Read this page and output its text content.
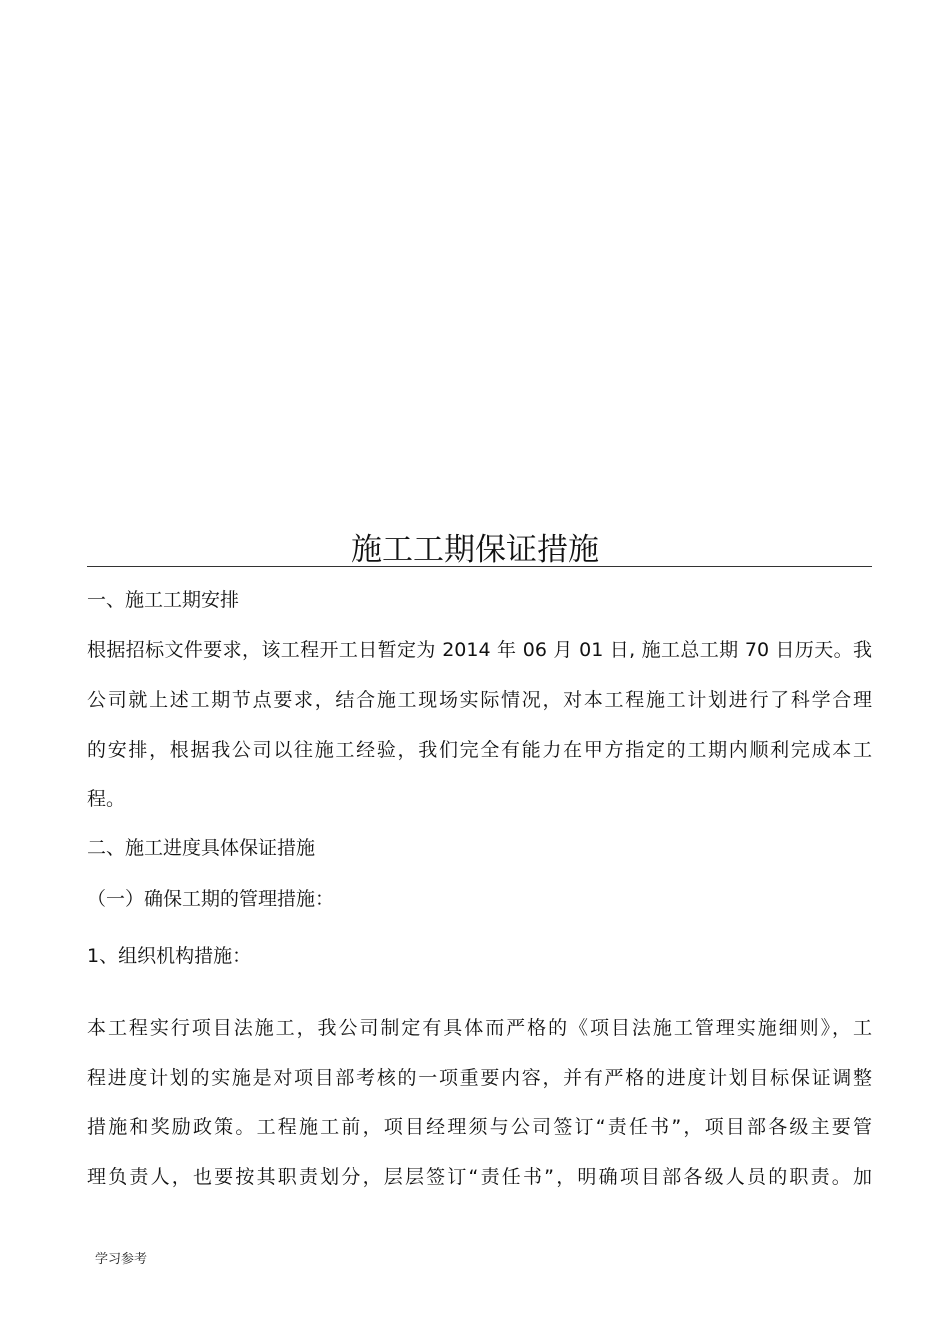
施工工期保证措施

一、施工工期安排

根据招标文件要求，该工程开工日暂定为 2014 年 06 月 01 日, 施工总工期 70 日历天。我

公司就上述工期节点要求，结合施工现场实际情况，对本工程施工计划进行了科学合理

的安排，根据我公司以往施工经验，我们完全有能力在甲方指定的工期内顺利完成本工

程。

二、施工进度具体保证措施

（一）确保工期的管理措施：

1、组织机构措施：

本工程实行项目法施工，我公司制定有具体而严格的《项目法施工管理实施细则》，工

程进度计划的实施是对项目部考核的一项重要内容，并有严格的进度计划目标保证调整

措施和奖励政策。工程施工前，项目经理须与公司签订“责任书”，项目部各级主要管

理负责人，也要按其职责划分，层层签订“责任书”，明确项目部各级人员的职责。加

学习参考
